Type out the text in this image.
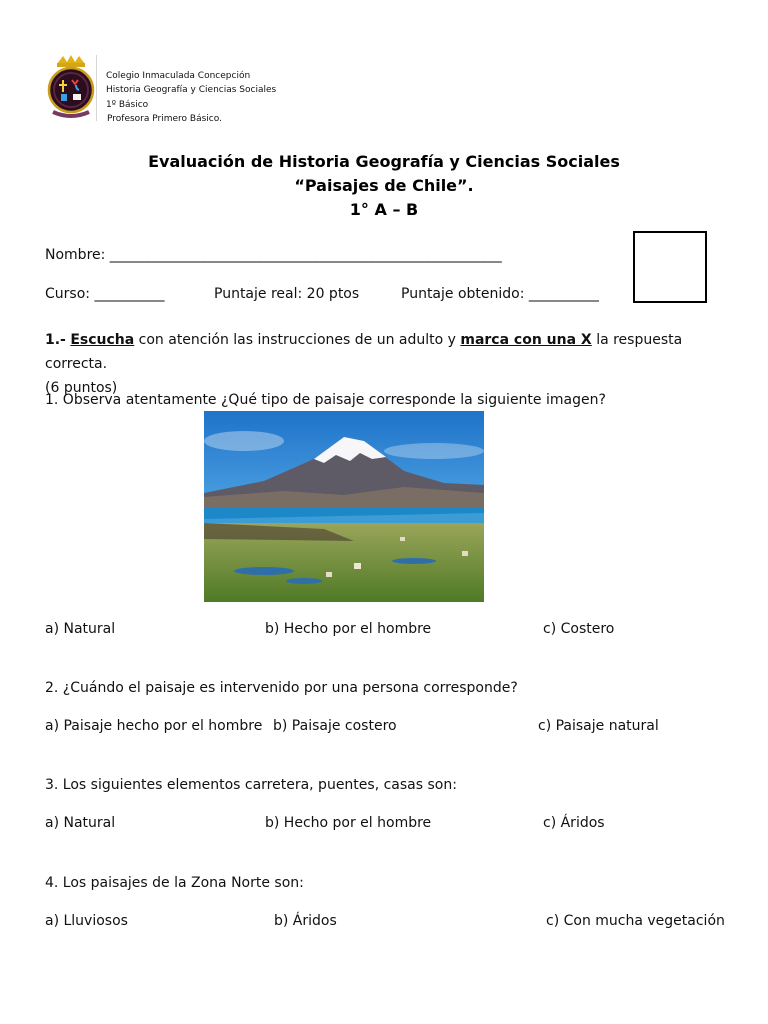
Colegio Inmaculada Concepción
Historia Geografía y Ciencias Sociales
1º Básico
Profesora Primero Básico.
Evaluación de Historia Geografía y Ciencias Sociales
“Paisajes de Chile”.
1° A – B
Nombre: ________________________________________________________
Curso: __________	Puntaje real: 20 ptos	Puntaje obtenido: __________
1.- Escucha con atención las instrucciones de un adulto y marca con una X la respuesta correcta.
(6 puntos)
1. Observa atentamente ¿Qué tipo de paisaje corresponde la siguiente imagen?
a) Natural	b) Hecho por el hombre	c) Costero
2. ¿Cuándo el paisaje es intervenido por una persona corresponde?
a) Paisaje hecho por el hombre b) Paisaje costero	c) Paisaje natural
3. Los siguientes elementos carretera, puentes, casas son:
a) Natural	b) Hecho por el hombre	c) Áridos
4. Los paisajes de la Zona Norte son:
a) Lluviosos	b) Áridos	c) Con mucha vegetación
